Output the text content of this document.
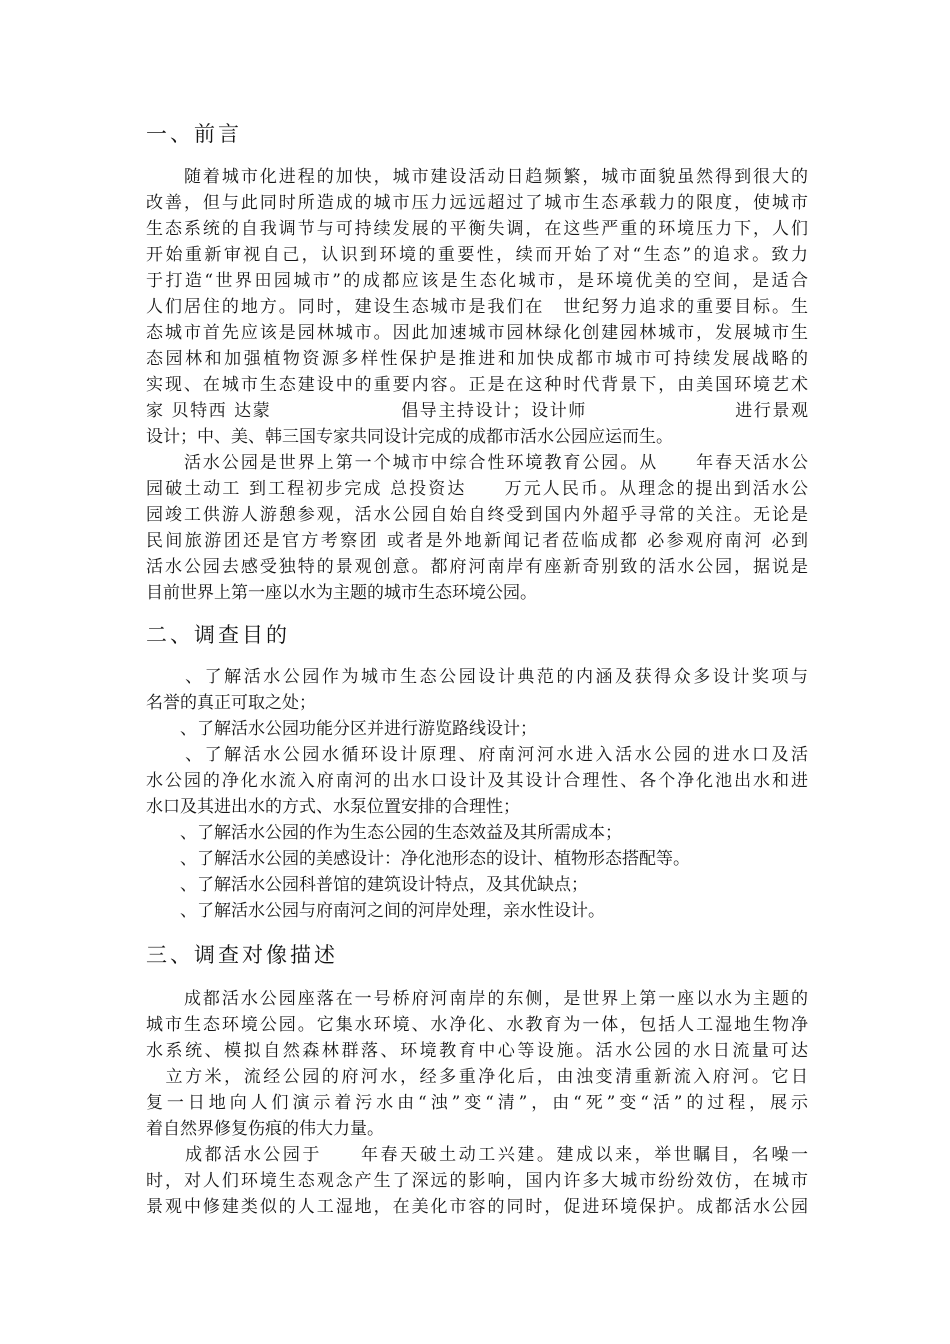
一、前言
　　随着城市化进程的加快，城市建设活动日趋频繁，城市面貌虽然得到很大的
改善，但与此同时所造成的城市压力远远超过了城市生态承载力的限度，使城市
生态系统的自我调节与可持续发展的平衡失调，在这些严重的环境压力下，人们
开始重新审视自己，认识到环境的重要性，续而开始了对“生态”的追求。致力
于打造“世界田园城市”的成都应该是生态化城市，是环境优美的空间，是适合
人们居住的地方。同时，建设生态城市是我们在　世纪努力追求的重要目标。生
态城市首先应该是园林城市。因此加速城市园林绿化创建园林城市，发展城市生
态园林和加强植物资源多样性保护是推进和加快成都市城市可持续发展战略的
实现、在城市生态建设中的重要内容。正是在这种时代背景下，由美国环境艺术
家 贝特西 达蒙　　　　　　　倡导主持设计；设计师　　　　　　　　进行景观
设计；中、美、韩三国专家共同设计完成的成都市活水公园应运而生。
　　活水公园是世界上第一个城市中综合性环境教育公园。从　　年春天活水公
园破土动工 到工程初步完成 总投资达　　万元人民币。从理念的提出到活水公
园竣工供游人游憩参观，活水公园自始自终受到国内外超乎寻常的关注。无论是
民间旅游团还是官方考察团 或者是外地新闻记者莅临成都 必参观府南河 必到
活水公园去感受独特的景观创意。都府河南岸有座新奇别致的活水公园，据说是
目前世界上第一座以水为主题的城市生态环境公园。
二、调查目的
　　、了解活水公园作为城市生态公园设计典范的内涵及获得众多设计奖项与
名誉的真正可取之处；
　　、了解活水公园功能分区并进行游览路线设计；
　　、了解活水公园水循环设计原理、府南河河水进入活水公园的进水口及活
水公园的净化水流入府南河的出水口设计及其设计合理性、各个净化池出水和进
水口及其进出水的方式、水泵位置安排的合理性；
　　、了解活水公园的作为生态公园的生态效益及其所需成本；
　　、了解活水公园的美感设计：净化池形态的设计、植物形态搭配等。
　　、了解活水公园科普馆的建筑设计特点，及其优缺点；
　　、了解活水公园与府南河之间的河岸处理，亲水性设计。
三、调查对像描述
　　成都活水公园座落在一号桥府河南岸的东侧，是世界上第一座以水为主题的
城市生态环境公园。它集水环境、水净化、水教育为一体，包括人工湿地生物净
水系统、模拟自然森林群落、环境教育中心等设施。活水公园的水日流量可达
　立方米，流经公园的府河水，经多重净化后，由浊变清重新流入府河。它日
复一日地向人们演示着污水由“浊”变“清”，由“死”变“活”的过程，展示
着自然界修复伤痕的伟大力量。
　　成都活水公园于　　年春天破土动工兴建。建成以来，举世瞩目，名噪一
时，对人们环境生态观念产生了深远的影响，国内许多大城市纷纷效仿，在城市
景观中修建类似的人工湿地，在美化市容的同时，促进环境保护。成都活水公园
